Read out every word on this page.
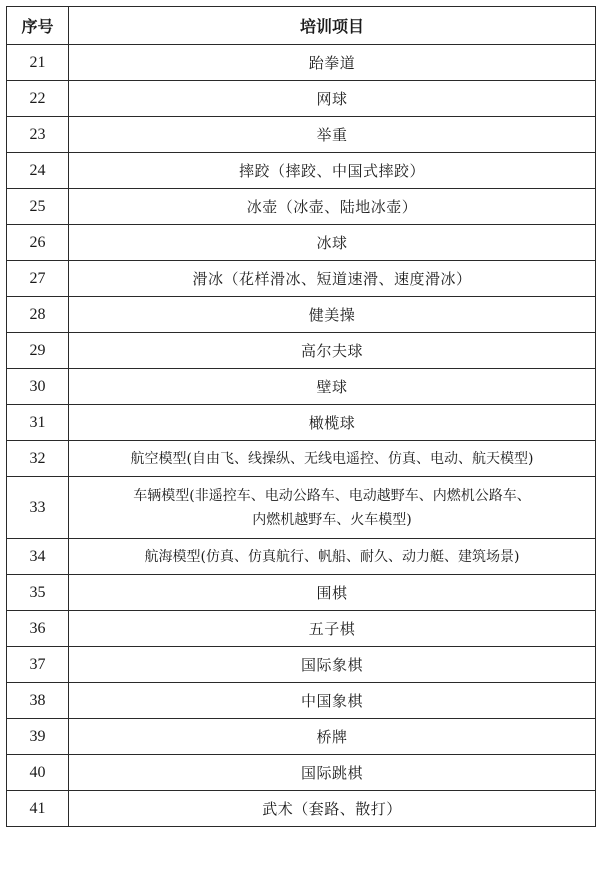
序号	培训项目
21	跆拳道
22	网球
23	举重
24	摔跤（摔跤、中国式摔跤）
25	冰壶（冰壶、陆地冰壶）
26	冰球
27	滑冰（花样滑冰、短道速滑、速度滑冰）
28	健美操
29	高尔夫球
30	壁球
31	橄榄球
32	航空模型(自由飞、线操纵、无线电遥控、仿真、电动、航天模型)
33	车辆模型(非遥控车、电动公路车、电动越野车、内燃机公路车、
内燃机越野车、火车模型)
34	航海模型(仿真、仿真航行、帆船、耐久、动力艇、建筑场景)
35	围棋
36	五子棋
37	国际象棋
38	中国象棋
39	桥牌
40	国际跳棋
41	武术（套路、散打）
